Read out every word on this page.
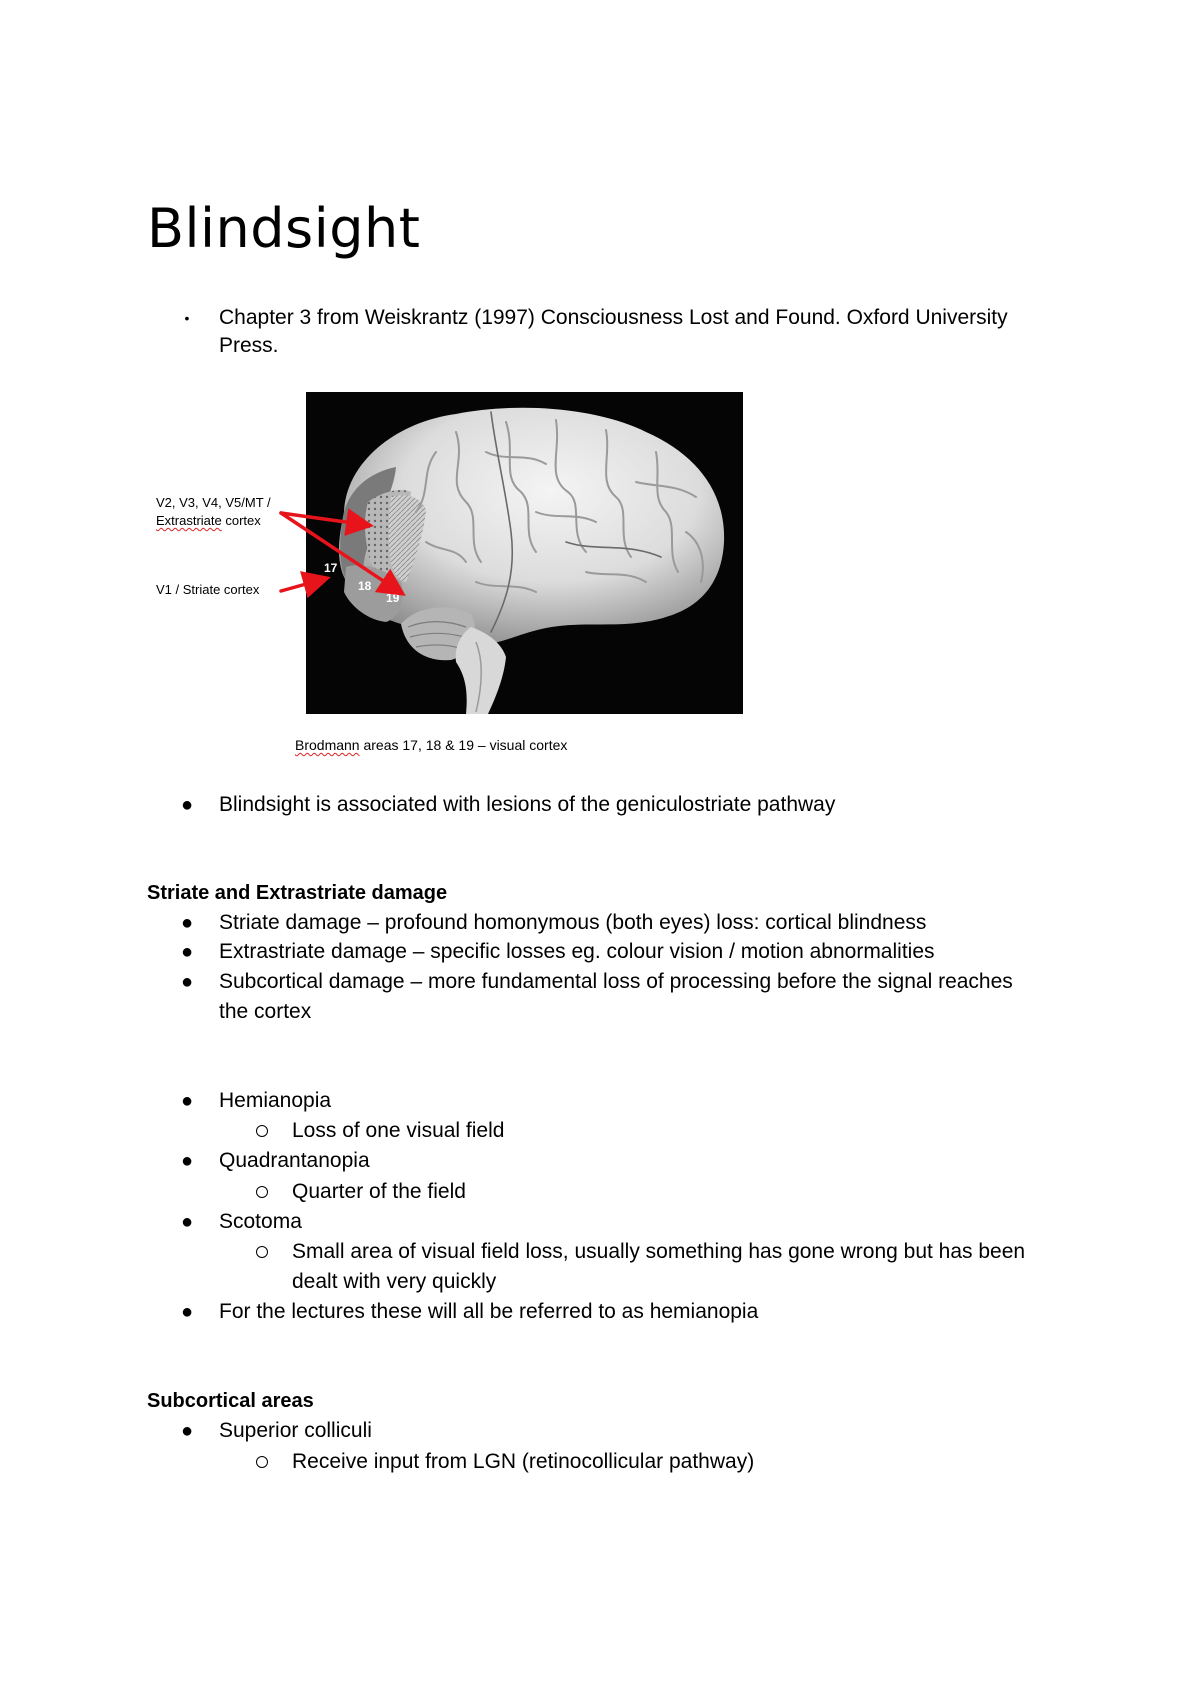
Blindsight
•	Chapter 3 from Weiskrantz (1997) Consciousness Lost and Found. Oxford University
Press.
17
18
19
V2, V3, V4, V5/MT /
Extrastriate cortex
V1 / Striate cortex
Brodmann areas 17, 18 & 19 – visual cortex
● Blindsight is associated with lesions of the geniculostriate pathway
Striate and Extrastriate damage
● Striate damage – profound homonymous (both eyes) loss: cortical blindness
● Extrastriate damage – specific losses eg. colour vision / motion abnormalities
● Subcortical damage – more fundamental loss of processing before the signal reaches
the cortex
● Hemianopia
Loss of one visual field
● Quadrantanopia
Quarter of the field
● Scotoma
Small area of visual field loss, usually something has gone wrong but has been
dealt with very quickly
● For the lectures these will all be referred to as hemianopia
Subcortical areas
● Superior colliculi
Receive input from LGN (retinocollicular pathway)
